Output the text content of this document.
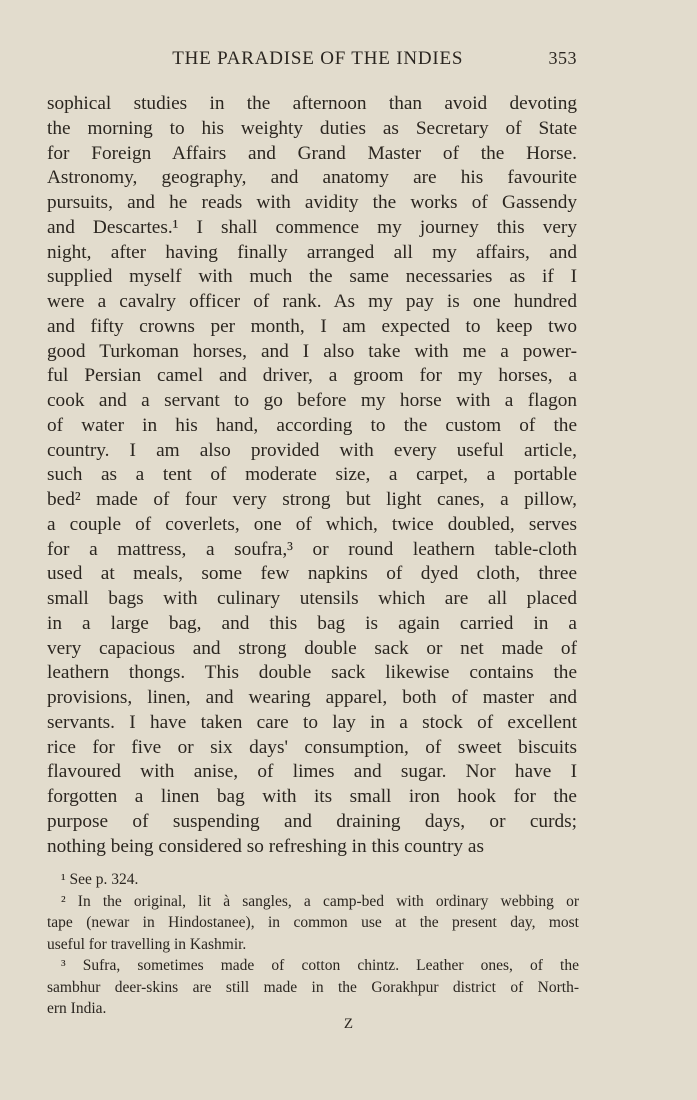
THE PARADISE OF THE INDIES	353
sophical studies in the afternoon than avoid devoting
the morning to his weighty duties as Secretary of State
for Foreign Affairs and Grand Master of the Horse.
Astronomy, geography, and anatomy are his favourite
pursuits, and he reads with avidity the works of Gassendy
and Descartes.¹ I shall commence my journey this very
night, after having finally arranged all my affairs, and
supplied myself with much the same necessaries as if I
were a cavalry officer of rank. As my pay is one hundred
and fifty crowns per month, I am expected to keep two
good Turkoman horses, and I also take with me a power-
ful Persian camel and driver, a groom for my horses, a
cook and a servant to go before my horse with a flagon
of water in his hand, according to the custom of the
country. I am also provided with every useful article,
such as a tent of moderate size, a carpet, a portable
bed² made of four very strong but light canes, a pillow,
a couple of coverlets, one of which, twice doubled, serves
for a mattress, a soufra,³ or round leathern table-cloth
used at meals, some few napkins of dyed cloth, three
small bags with culinary utensils which are all placed
in a large bag, and this bag is again carried in a
very capacious and strong double sack or net made of
leathern thongs. This double sack likewise contains the
provisions, linen, and wearing apparel, both of master and
servants. I have taken care to lay in a stock of excellent
rice for five or six days' consumption, of sweet biscuits
flavoured with anise, of limes and sugar. Nor have I
forgotten a linen bag with its small iron hook for the
purpose of suspending and draining days, or curds;
nothing being considered so refreshing in this country as
¹ See p. 324.
² In the original, lit à sangles, a camp-bed with ordinary webbing or
tape (newar in Hindostanee), in common use at the present day, most
useful for travelling in Kashmir.
³ Sufra, sometimes made of cotton chintz. Leather ones, of the
sambhur deer-skins are still made in the Gorakhpur district of North-
ern India.
Z
